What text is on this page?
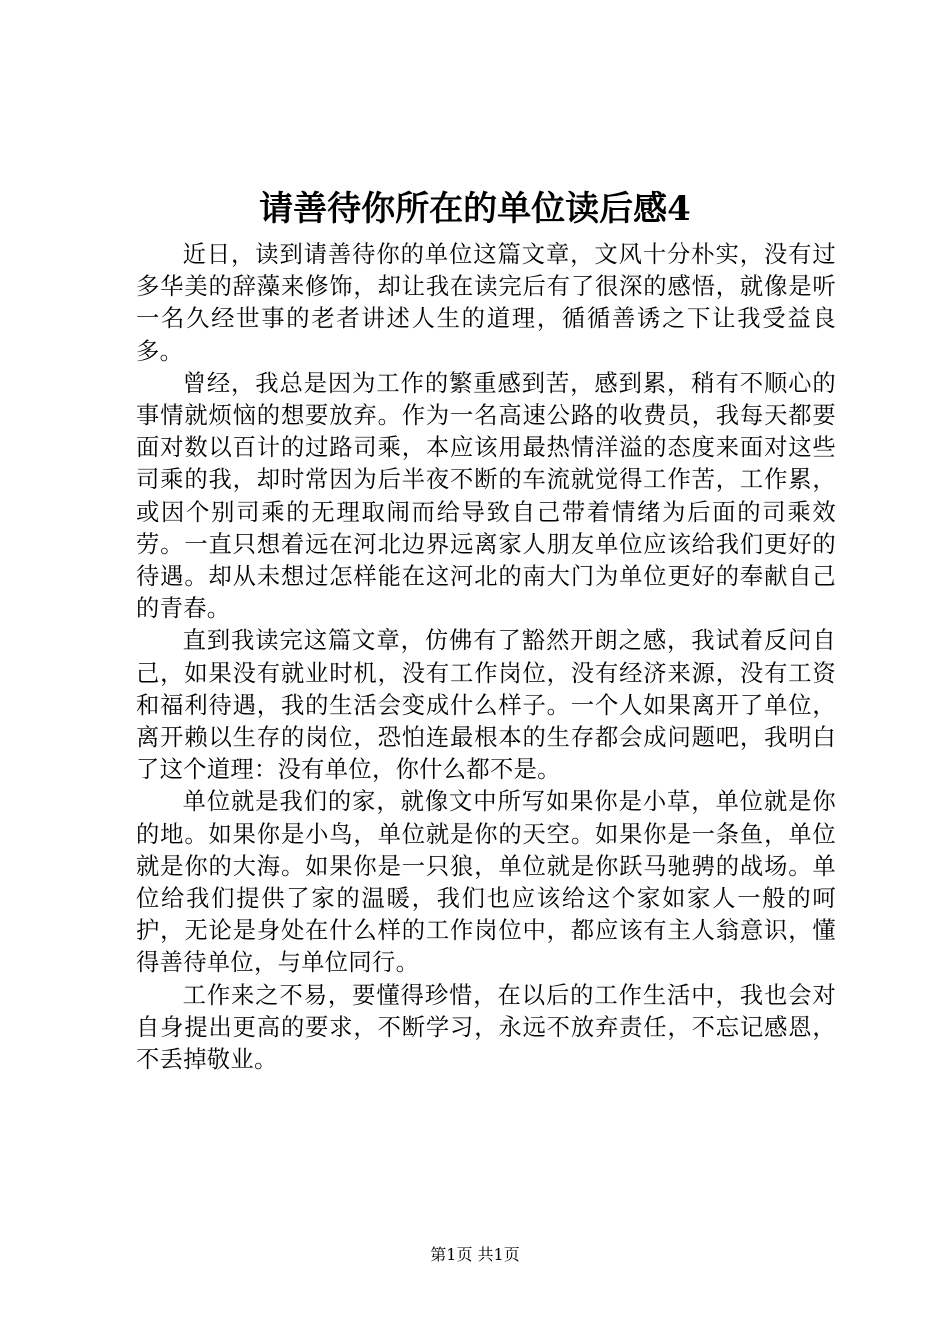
请善待你所在的单位读后感4

近日，读到请善待你的单位这篇文章，文风十分朴实，没有过多华美的辞藻来修饰，却让我在读完后有了很深的感悟，就像是听一名久经世事的老者讲述人生的道理，循循善诱之下让我受益良多。

曾经，我总是因为工作的繁重感到苦，感到累，稍有不顺心的事情就烦恼的想要放弃。作为一名高速公路的收费员，我每天都要面对数以百计的过路司乘，本应该用最热情洋溢的态度来面对这些司乘的我，却时常因为后半夜不断的车流就觉得工作苦，工作累，或因个别司乘的无理取闹而给导致自己带着情绪为后面的司乘效劳。一直只想着远在河北边界远离家人朋友单位应该给我们更好的待遇。却从未想过怎样能在这河北的南大门为单位更好的奉献自己的青春。

直到我读完这篇文章，仿佛有了豁然开朗之感，我试着反问自己，如果没有就业时机，没有工作岗位，没有经济来源，没有工资和福利待遇，我的生活会变成什么样子。一个人如果离开了单位，离开赖以生存的岗位，恐怕连最根本的生存都会成问题吧，我明白了这个道理：没有单位，你什么都不是。

单位就是我们的家，就像文中所写如果你是小草，单位就是你的地。如果你是小鸟，单位就是你的天空。如果你是一条鱼，单位就是你的大海。如果你是一只狼，单位就是你跃马驰骋的战场。单位给我们提供了家的温暖，我们也应该给这个家如家人一般的呵护，无论是身处在什么样的工作岗位中，都应该有主人翁意识，懂得善待单位，与单位同行。

工作来之不易，要懂得珍惜，在以后的工作生活中，我也会对自身提出更高的要求，不断学习，永远不放弃责任，不忘记感恩，不丢掉敬业。

第1页 共1页
